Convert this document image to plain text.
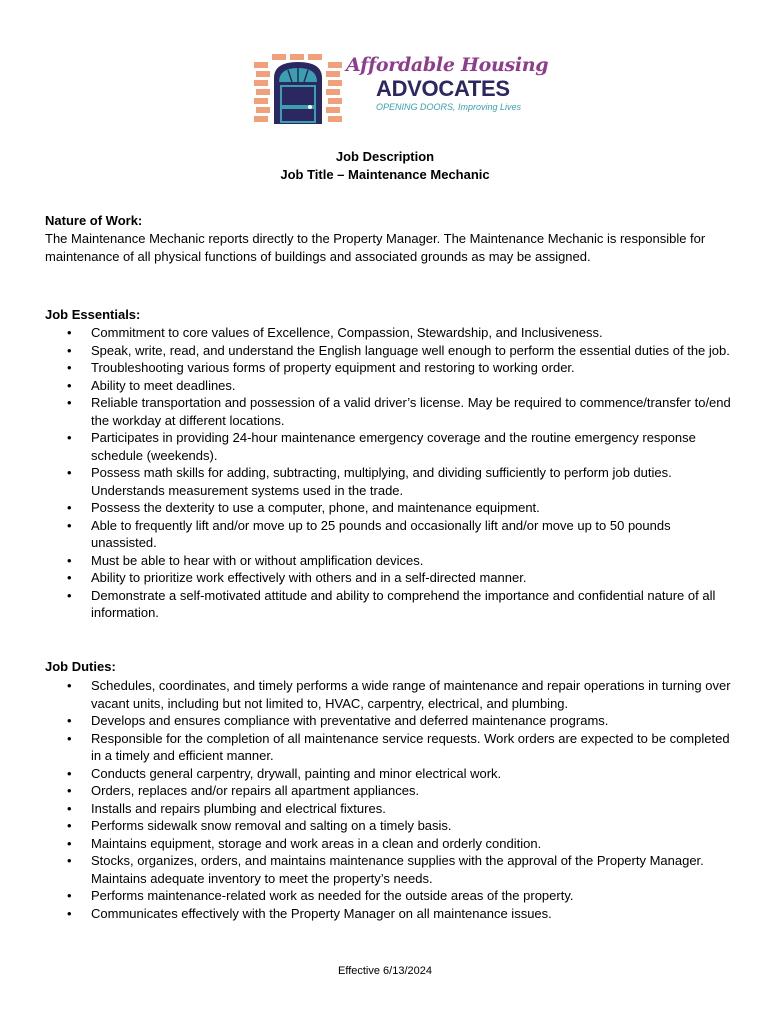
Affordable Housing
ADVOCATES
OPENING DOORS, Improving Lives
Job Description
Job Title – Maintenance Mechanic
Nature of Work:
The Maintenance Mechanic reports directly to the Property Manager. The Maintenance Mechanic is responsible for maintenance of all physical functions of buildings and associated grounds as may be assigned.
Job Essentials:
• Commitment to core values of Excellence, Compassion, Stewardship, and Inclusiveness.
• Speak, write, read, and understand the English language well enough to perform the essential duties of the job.
• Troubleshooting various forms of property equipment and restoring to working order.
• Ability to meet deadlines.
• Reliable transportation and possession of a valid driver’s license. May be required to commence/transfer to/end the workday at different locations.
• Participates in providing 24-hour maintenance emergency coverage and the routine emergency response schedule (weekends).
• Possess math skills for adding, subtracting, multiplying, and dividing sufficiently to perform job duties. Understands measurement systems used in the trade.
• Possess the dexterity to use a computer, phone, and maintenance equipment.
• Able to frequently lift and/or move up to 25 pounds and occasionally lift and/or move up to 50 pounds unassisted.
• Must be able to hear with or without amplification devices.
• Ability to prioritize work effectively with others and in a self-directed manner.
• Demonstrate a self-motivated attitude and ability to comprehend the importance and confidential nature of all information.
Job Duties:
• Schedules, coordinates, and timely performs a wide range of maintenance and repair operations in turning over vacant units, including but not limited to, HVAC, carpentry, electrical, and plumbing.
• Develops and ensures compliance with preventative and deferred maintenance programs.
• Responsible for the completion of all maintenance service requests. Work orders are expected to be completed in a timely and efficient manner.
• Conducts general carpentry, drywall, painting and minor electrical work.
• Orders, replaces and/or repairs all apartment appliances.
• Installs and repairs plumbing and electrical fixtures.
• Performs sidewalk snow removal and salting on a timely basis.
• Maintains equipment, storage and work areas in a clean and orderly condition.
• Stocks, organizes, orders, and maintains maintenance supplies with the approval of the Property Manager. Maintains adequate inventory to meet the property’s needs.
• Performs maintenance-related work as needed for the outside areas of the property.
• Communicates effectively with the Property Manager on all maintenance issues.
Effective 6/13/2024
